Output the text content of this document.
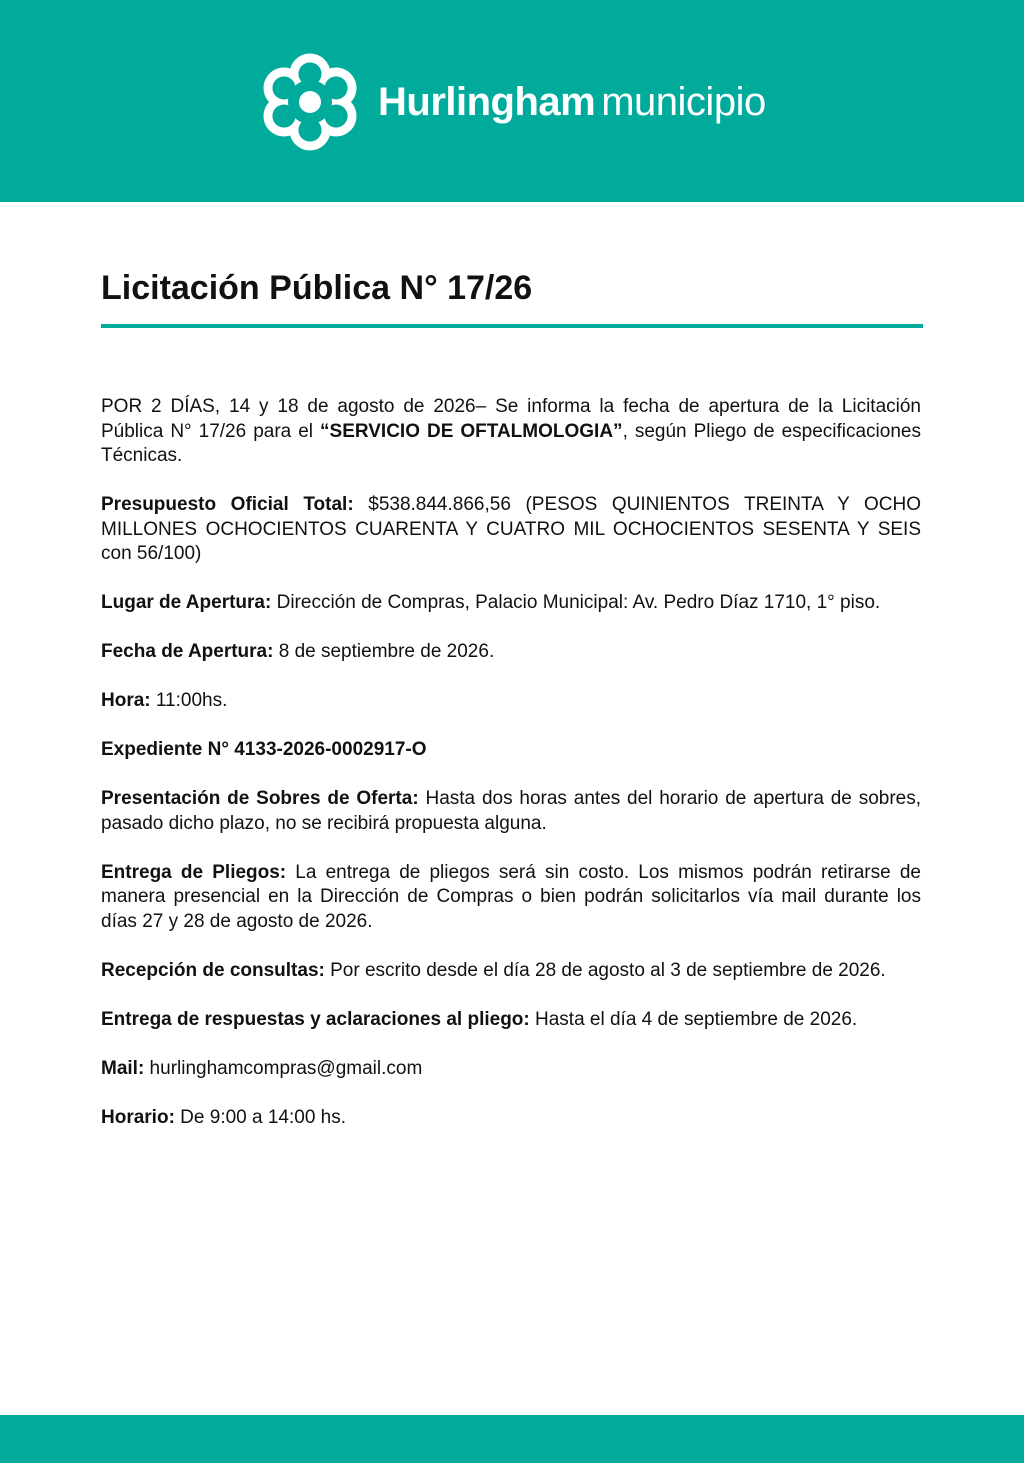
Hurlingham municipio
Licitación Pública N° 17/26

POR 2 DÍAS, 14 y 18 de agosto de 2026– Se informa la fecha de apertura de la Licitación Pública N° 17/26 para el “SERVICIO DE OFTALMOLOGIA”, según Pliego de especificaciones Técnicas.

Presupuesto Oficial Total: $538.844.866,56 (PESOS QUINIENTOS TREINTA Y OCHO MILLONES OCHOCIENTOS CUARENTA Y CUATRO MIL OCHOCIENTOS SESENTA Y SEIS con 56/100)

Lugar de Apertura: Dirección de Compras, Palacio Municipal: Av. Pedro Díaz 1710, 1° piso.

Fecha de Apertura: 8 de septiembre de 2026.

Hora: 11:00hs.

Expediente N° 4133-2026-0002917-O

Presentación de Sobres de Oferta: Hasta dos horas antes del horario de apertura de sobres, pasado dicho plazo, no se recibirá propuesta alguna.

Entrega de Pliegos: La entrega de pliegos será sin costo. Los mismos podrán retirarse de manera presencial en la Dirección de Compras o bien podrán solicitarlos vía mail durante los días 27 y 28 de agosto de 2026.

Recepción de consultas: Por escrito desde el día 28 de agosto al 3 de septiembre de 2026.

Entrega de respuestas y aclaraciones al pliego: Hasta el día 4 de septiembre de 2026.

Mail: hurlinghamcompras@gmail.com

Horario: De 9:00 a 14:00 hs.
